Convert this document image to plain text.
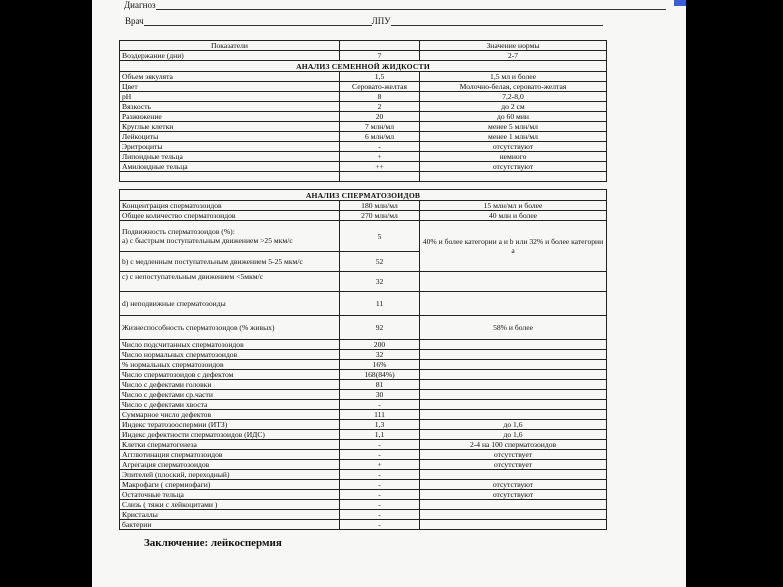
Диагноз
Врач	ЛПУ
Показатели		Значение нормы
Воздержание (дни)	7	2-7
АНАЛИЗ СЕМЕННОЙ ЖИДКОСТИ		
Объем эякулята	1,5	1,5 мл и более
Цвет	Серовато-желтая	Молочно-белая, серовато-желтая
pH	8	7,2-8,0
Вязкость	2	до 2 см
Разжижение	20	до 60 мин
Круглые клетки	7 млн/мл	менее 5 млн/мл
Лейкоциты	6 млн/мл	менее 1 млн/мл
Эритроциты	-	отсутствуют
Липоидные тельца	+	немного
Амилоидные тельца	++	отсутствуют

АНАЛИЗ СПЕРМАТОЗОИДОВ		
Концентрация сперматозоидов	180 млн/мл	15 млн/мл и более
Общее количество сперматозоидов	270 млн/мл	40 млн и более

Подвижность сперматозоидов (%):
а) с быстрым поступательным движением >25 мкм/с	5	40% и более категории a и b или 32% и более категории a
b) с медленным поступательным движением 5-25 мкм/с	52	
c) с непоступательным движением <5мкм/с	32	
d) неподвижные сперматозоиды	11	
Жизнеспособность сперматозоидов (% живых)	92	58% и более
Число подсчитанных сперматозоидов	200	
Число нормальных сперматозоидов	32	
% нормальных сперматозоидов	16%	
Число сперматозоидов с дефектом	168(84%)	
Число с дефектами головки	81	
Число с дефектами ср.части	30	
Число с дефектами хвоста	-	
Суммарное число дефектов	111	
Индекс тератозооспермии (ИТЗ)	1,3	до 1,6
Индекс дефектности сперматозоидов (ИДС)	1,1	до 1,6
Клетки сперматогенеза	-	2-4 на 100 сперматозоидов
Агглютинация сперматозоидов	-	отсутствует
Агрегация сперматозоидов	+	отсутствует
Эпителей (плоский, переходный)	-	
Макрофаги ( спермиофаги)	-	отсутствуют
Остаточные тельца	-	отсутствуют
Слизь ( тяжи с лейкоцитами )	-	
Кристаллы	-	
бактерии	-	
Заключение: лейкоспермия
